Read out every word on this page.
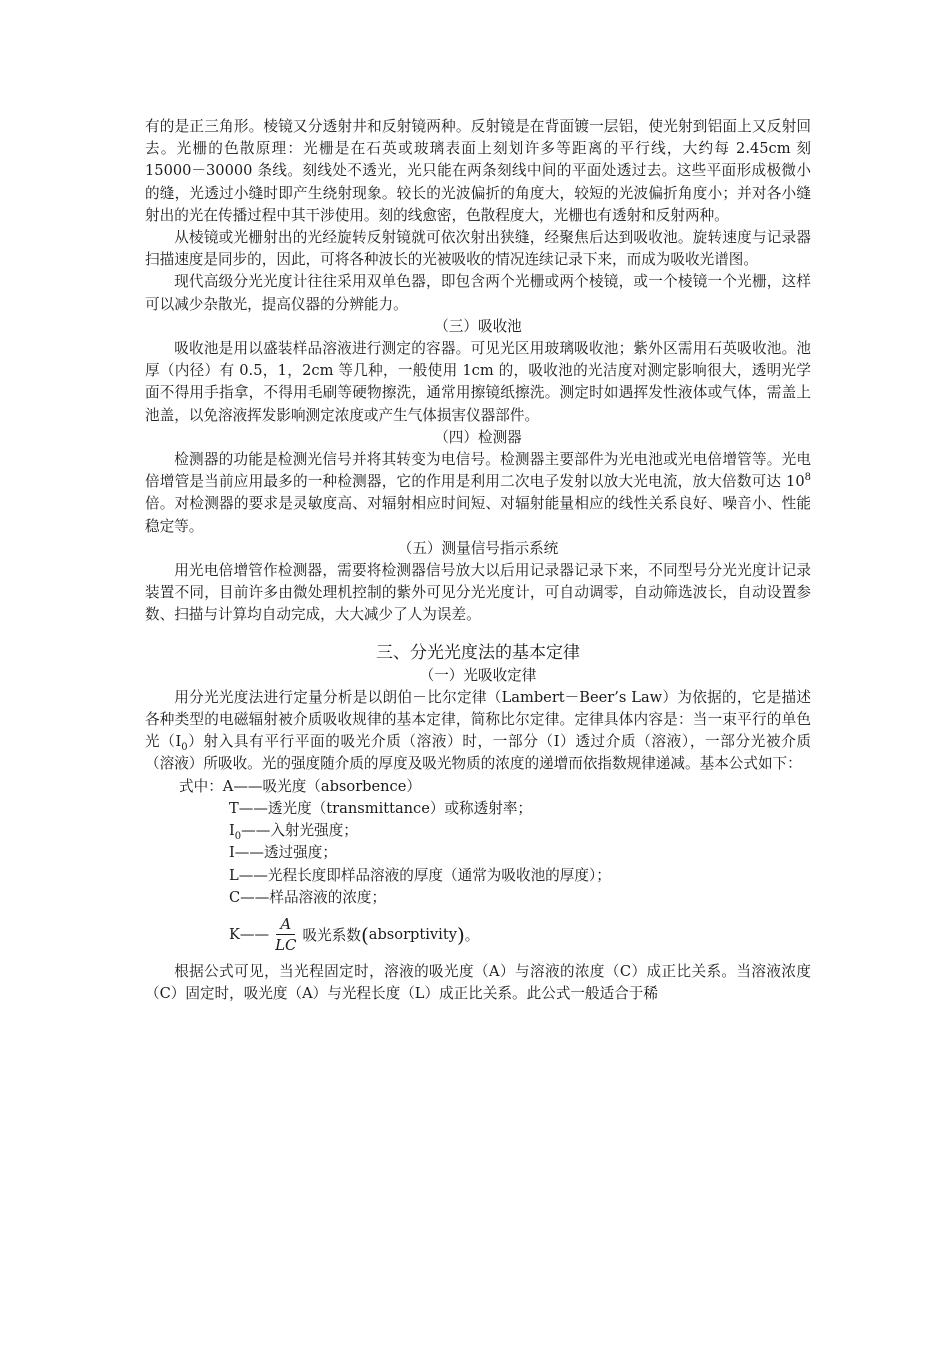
有的是正三角形。棱镜又分透射井和反射镜两种。反射镜是在背面镀一层铝，使光射到铝面上又反射回去。光栅的色散原理：光栅是在石英或玻璃表面上刻划许多等距离的平行线，大约每 2.45cm 刻 15000－30000 条线。刻线处不透光，光只能在两条刻线中间的平面处透过去。这些平面形成极微小的缝，光透过小缝时即产生绕射现象。较长的光波偏折的角度大，较短的光波偏折角度小；并对各小缝射出的光在传播过程中其干涉使用。刻的线愈密，色散程度大，光栅也有透射和反射两种。

从棱镜或光栅射出的光经旋转反射镜就可依次射出狭缝，经聚焦后达到吸收池。旋转速度与记录器扫描速度是同步的，因此，可将各种波长的光被吸收的情况连续记录下来，而成为吸收光谱图。

现代高级分光光度计往往采用双单色器，即包含两个光栅或两个棱镜，或一个棱镜一个光栅，这样可以减少杂散光，提高仪器的分辨能力。

（三）吸收池

吸收池是用以盛装样品溶液进行测定的容器。可见光区用玻璃吸收池；紫外区需用石英吸收池。池厚（内径）有 0.5，1，2cm 等几种，一般使用 1cm 的，吸收池的光洁度对测定影响很大，透明光学面不得用手指拿，不得用毛刷等硬物擦洗，通常用擦镜纸擦洗。测定时如遇挥发性液体或气体，需盖上池盖，以免溶液挥发影响测定浓度或产生气体损害仪器部件。

（四）检测器

检测器的功能是检测光信号并将其转变为电信号。检测器主要部件为光电池或光电倍增管等。光电倍增管是当前应用最多的一种检测器，它的作用是利用二次电子发射以放大光电流，放大倍数可达 $10^8$ 倍。对检测器的要求是灵敏度高、对辐射相应时间短、对辐射能量相应的线性关系良好、噪音小、性能稳定等。

（五）测量信号指示系统

用光电倍增管作检测器，需要将检测器信号放大以后用记录器记录下来，不同型号分光光度计记录装置不同，目前许多由微处理机控制的紫外可见分光光度计，可自动调零，自动筛选波长，自动设置参数、扫描与计算均自动完成，大大减少了人为误差。

三、分光光度法的基本定律

（一）光吸收定律

用分光光度法进行定量分析是以朗伯－比尔定律（Lambert－Beer’s Law）为依据的，它是描述各种类型的电磁辐射被介质吸收规律的基本定律，简称比尔定律。定律具体内容是：当一束平行的单色光$(I_0)$射入具有平行平面的吸光介质（溶液）时，一部分（I）透过介质（溶液），一部分光被介质（溶液）所吸收。光的强度随介质的厚度及吸光物质的浓度的递增而依指数规律递减。基本公式如下：

式中：A——吸光度（absorbence）
T——透光度（transmittance）或称透射率；
$I_0——$入射光强度；
I——透过强度；
L——光程长度即样品溶液的厚度（通常为吸收池的厚度）；
C——样品溶液的浓度；
K—— $\frac{A}{LC}$ 吸光系数 ( absorptivity ) 。

根据公式可见，当光程固定时，溶液的吸光度（A）与溶液的浓度（C）成正比关系。当溶液浓度（C）固定时，吸光度（A）与光程长度（L）成正比关系。此公式一般适合于稀
